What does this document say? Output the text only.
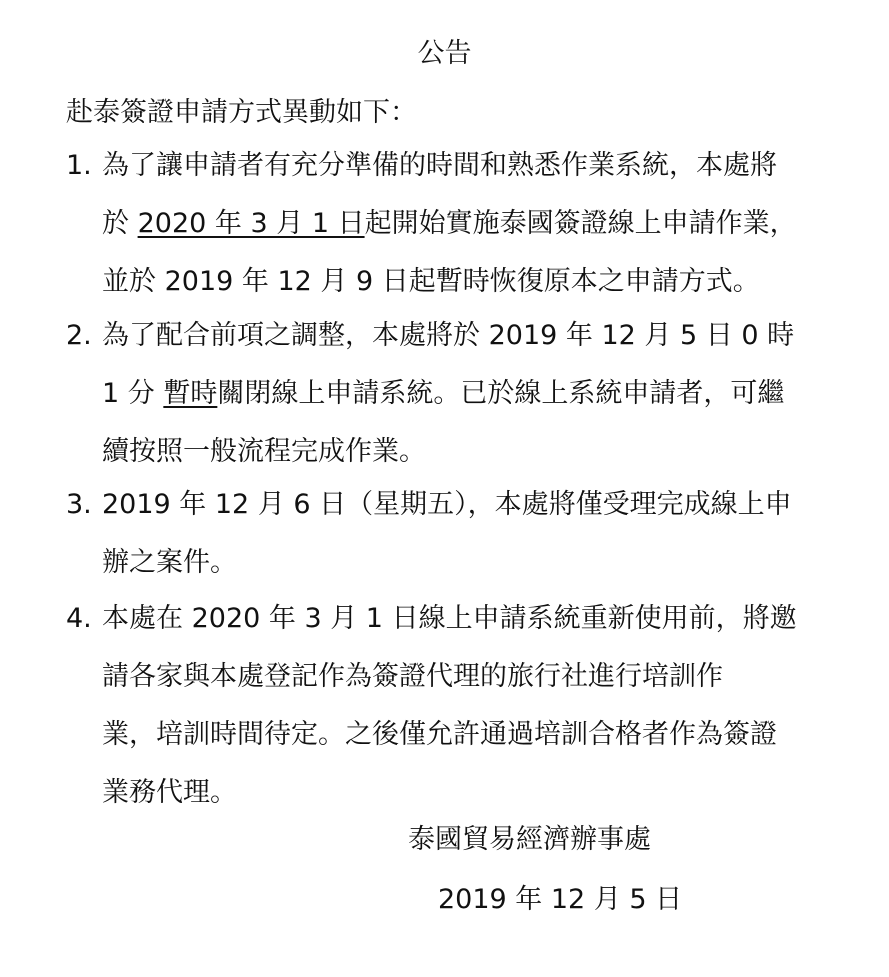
公告
赴泰簽證申請方式異動如下：
1. 為了讓申請者有充分準備的時間和熟悉作業系統，本處將
於 2020 年 3 月 1 日起開始實施泰國簽證線上申請作業，
並於 2019 年 12 月 9 日起暫時恢復原本之申請方式。
2. 為了配合前項之調整，本處將於 2019 年 12 月 5 日 0 時
1 分 暫時關閉線上申請系統。已於線上系統申請者，可繼
續按照一般流程完成作業。
3. 2019 年 12 月 6 日（星期五），本處將僅受理完成線上申
辦之案件。
4. 本處在 2020 年 3 月 1 日線上申請系統重新使用前，將邀
請各家與本處登記作為簽證代理的旅行社進行培訓作
業，培訓時間待定。之後僅允許通過培訓合格者作為簽證
業務代理。
泰國貿易經濟辦事處
2019 年 12 月 5 日
